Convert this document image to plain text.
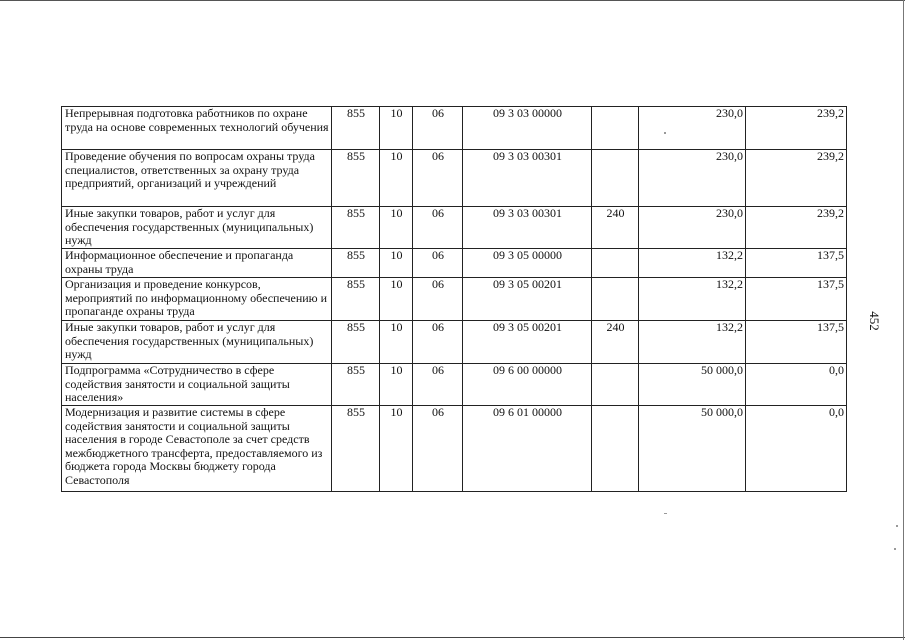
Непрерывная подготовка работников по охране труда на основе современных технологий обучения	855	10	06	09 3 03 00000		230,0	239,2
Проведение обучения по вопросам охраны труда специалистов, ответственных за охрану труда предприятий, организаций и учреждений	855	10	06	09 3 03 00301		230,0	239,2
Иные закупки товаров, работ и услуг для обеспечения государственных (муниципальных) нужд	855	10	06	09 3 03 00301	240	230,0	239,2
Информационное обеспечение и пропаганда охраны труда	855	10	06	09 3 05 00000		132,2	137,5
Организация и проведение конкурсов, мероприятий по информационному обеспечению и пропаганде охраны труда	855	10	06	09 3 05 00201		132,2	137,5
Иные закупки товаров, работ и услуг для обеспечения государственных (муниципальных) нужд	855	10	06	09 3 05 00201	240	132,2	137,5
Подпрограмма «Сотрудничество в сфере содействия занятости и социальной защиты населения»	855	10	06	09 6 00 00000		50 000,0	0,0
Модернизация и развитие системы в сфере содействия занятости и социальной защиты населения в городе Севастополе за счет средств межбюджетного трансферта, предоставляемого из бюджета города Москвы бюджету города Севастополя	855	10	06	09 6 01 00000		50 000,0	0,0
452
